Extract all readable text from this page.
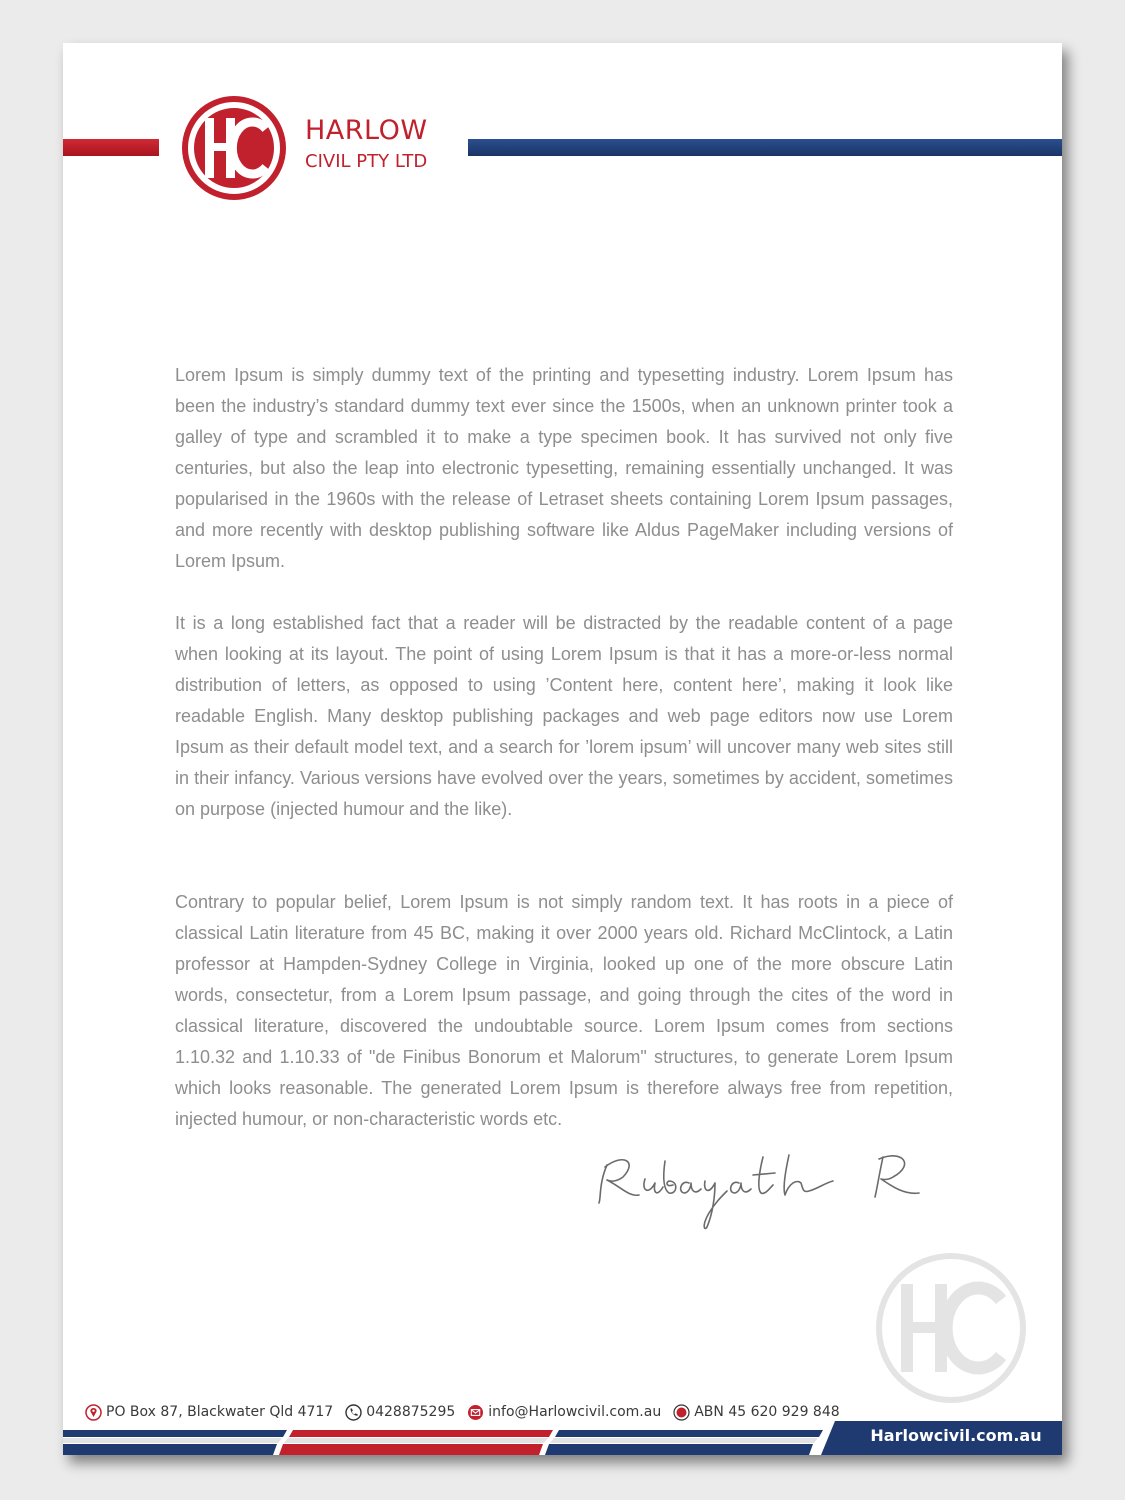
HARLOW
CIVIL PTY LTD

Lorem Ipsum is simply dummy text of the printing and typesetting industry. Lorem Ipsum has been the industry’s standard dummy text ever since the 1500s, when an unknown printer took a galley of type and scrambled it to make a type specimen book. It has survived not only five centuries, but also the leap into electronic typesetting, remaining essentially unchanged. It was popularised in the 1960s with the release of Letraset sheets containing Lorem Ipsum passages, and more recently with desktop publishing software like Aldus PageMaker including versions of Lorem Ipsum.

It is a long established fact that a reader will be distracted by the readable content of a page when looking at its layout. The point of using Lorem Ipsum is that it has a more-or-less normal distribution of letters, as opposed to using ’Content here, content here’, making it look like readable English. Many desktop publishing packages and web page editors now use Lorem Ipsum as their default model text, and a search for ’lorem ipsum’ will uncover many web sites still in their infancy. Various versions have evolved over the years, sometimes by accident, sometimes on purpose (injected humour and the like).

Contrary to popular belief, Lorem Ipsum is not simply random text. It has roots in a piece of classical Latin literature from 45 BC, making it over 2000 years old. Richard McClintock, a Latin professor at Hampden-Sydney College in Virginia, looked up one of the more obscure Latin words, consectetur, from a Lorem Ipsum passage, and going through the cites of the word in classical literature, discovered the undoubtable source. Lorem Ipsum comes from sections 1.10.32 and 1.10.33 of "de Finibus Bonorum et Malorum" structures, to generate Lorem Ipsum which looks reasonable. The generated Lorem Ipsum is therefore always free from repetition, injected humour, or non-characteristic words etc.

PO Box 87, Blackwater Qld 4717 0428875295 info@Harlowcivil.com.au ABN 45 620 929 848
Harlowcivil.com.au
